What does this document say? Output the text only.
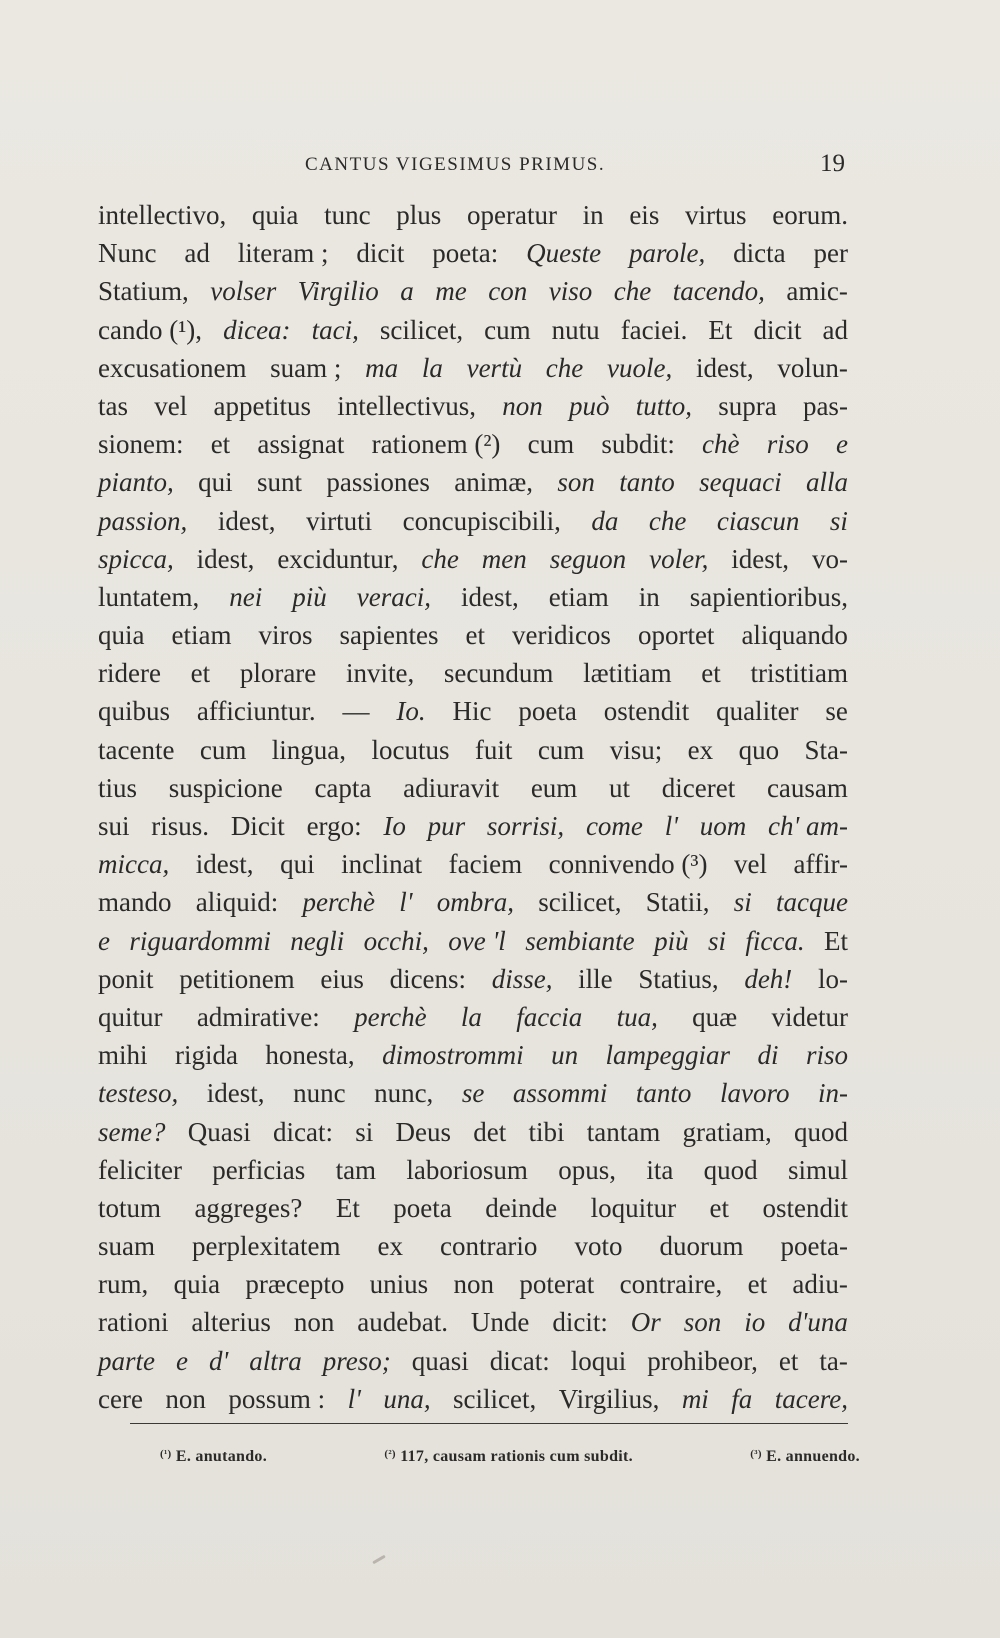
CANTUS VIGESIMUS PRIMUS.	19
intellectivo, quia tunc plus operatur in eis virtus eorum.
Nunc ad literam ; dicit poeta: Queste parole, dicta per
Statium, volser Virgilio a me con viso che tacendo, amic-
cando (¹), dicea: taci, scilicet, cum nutu faciei. Et dicit ad
excusationem suam ; ma la vertù che vuole, idest, volun-
tas vel appetitus intellectivus, non può tutto, supra pas-
sionem: et assignat rationem (²) cum subdit: chè riso e
pianto, qui sunt passiones animæ, son tanto sequaci alla
passion, idest, virtuti concupiscibili, da che ciascun si
spicca, idest, exciduntur, che men seguon voler, idest, vo-
luntatem, nei più veraci, idest, etiam in sapientioribus,
quia etiam viros sapientes et veridicos oportet aliquando
ridere et plorare invite, secundum lætitiam et tristitiam
quibus afficiuntur. — Io. Hic poeta ostendit qualiter se
tacente cum lingua, locutus fuit cum visu; ex quo Sta-
tius suspicione capta adiuravit eum ut diceret causam
sui risus. Dicit ergo: Io pur sorrisi, come l' uom ch' am-
micca, idest, qui inclinat faciem connivendo (³) vel affir-
mando aliquid: perchè l' ombra, scilicet, Statii, si tacque
e riguardommi negli occhi, ove 'l sembiante più si ficca. Et
ponit petitionem eius dicens: disse, ille Statius, deh! lo-
quitur admirative: perchè la faccia tua, quæ videtur
mihi rigida honesta, dimostrommi un lampeggiar di riso
testeso, idest, nunc nunc, se assommi tanto lavoro in-
seme? Quasi dicat: si Deus det tibi tantam gratiam, quod
feliciter perficias tam laboriosum opus, ita quod simul
totum aggreges? Et poeta deinde loquitur et ostendit
suam perplexitatem ex contrario voto duorum poeta-
rum, quia præcepto unius non poterat contraire, et adiu-
rationi alterius non audebat. Unde dicit: Or son io d'una
parte e d' altra preso; quasi dicat: loqui prohibeor, et ta-
cere non possum : l' una, scilicet, Virgilius, mi fa tacere,
$^{(^1)}$ E. anutando.	$^{(^2)}$ 117, causam rationis cum subdit.	$^{(^3)}$ E. annuendo.
